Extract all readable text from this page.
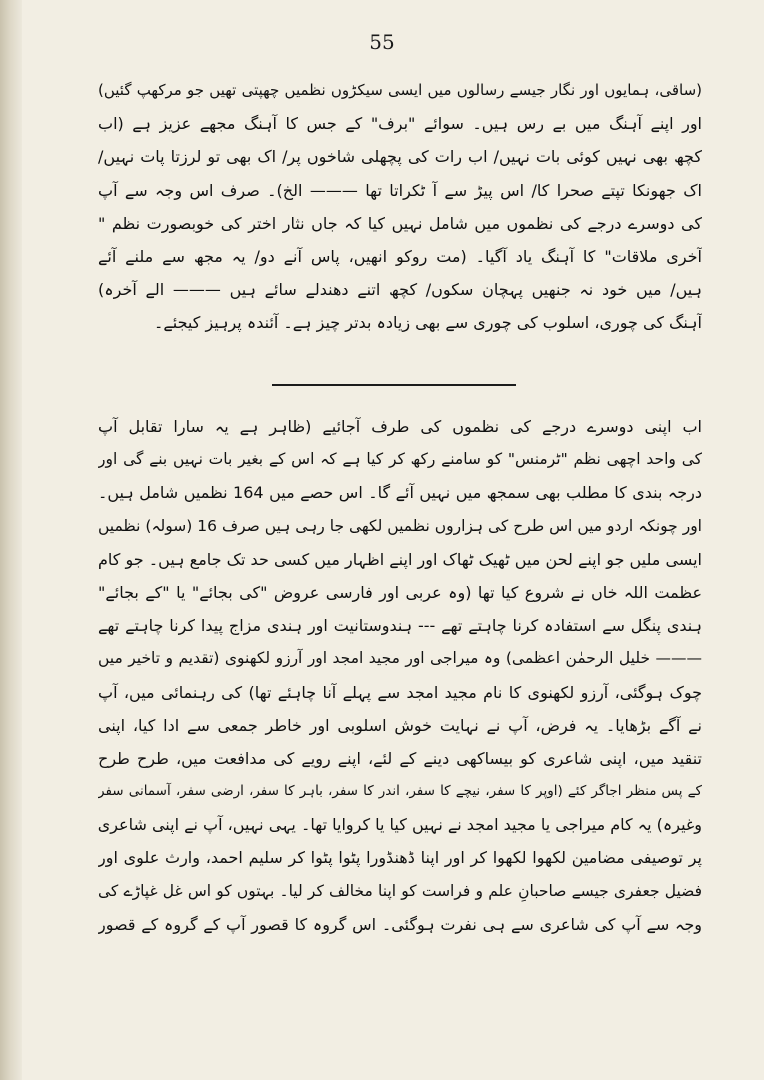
55
(ساقی، ہمایوں اور نگار جیسے رسالوں میں ایسی سیکڑوں نظمیں چھپتی تھیں جو مرکھپ گئیں)
اور اپنے آہنگ میں بے رس ہیں۔ سوائے "برف" کے جس کا آہنگ مجھے عزیز ہے (اب
کچھ بھی نہیں کوئی بات نہیں/ اب رات کی پچھلی شاخوں پر/ اک بھی تو لرزتا پات نہیں/
اک جھونکا تپتے صحرا کا/ اس پیڑ سے آ ٹکراتا تھا ——— الخ)۔ صرف اس وجہ سے آپ
کی دوسرے درجے کی نظموں میں شامل نہیں کیا کہ جاں نثار اختر کی خوبصورت نظم "
آخری ملاقات" کا آہنگ یاد آگیا۔ (مت روکو انھیں، پاس آنے دو/ یہ مجھ سے ملنے آئے
ہیں/ میں خود نہ جنھیں پہچان سکوں/ کچھ اتنے دھندلے سائے ہیں ——— الے آخرہ)
آہنگ کی چوری، اسلوب کی چوری سے بھی زیادہ بدتر چیز ہے۔ آئندہ پرہیز کیجئے۔
اب اپنی دوسرے درجے کی نظموں کی طرف آجائیے (ظاہر ہے یہ سارا تقابل آپ
کی واحد اچھی نظم "ٹرمنس" کو سامنے رکھ کر کیا ہے کہ اس کے بغیر بات نہیں بنے گی اور
درجہ بندی کا مطلب بھی سمجھ میں نہیں آئے گا۔ اس حصے میں 164 نظمیں شامل ہیں۔
اور چونکہ اردو میں اس طرح کی ہزاروں نظمیں لکھی جا رہی ہیں صرف 16 (سولہ) نظمیں
ایسی ملیں جو اپنے لحن میں ٹھیک ٹھاک اور اپنے اظہار میں کسی حد تک جامع ہیں۔ جو کام
عظمت اللہ خاں نے شروع کیا تھا (وہ عربی اور فارسی عروض "کی بجائے" یا "کے بجائے"
ہندی پنگل سے استفادہ کرنا چاہتے تھے --- ہندوستانیت اور ہندی مزاج پیدا کرنا چاہتے تھے
——— خلیل الرحمٰن اعظمی) وہ میراجی اور مجید امجد اور آرزو لکھنوی (تقدیم و تاخیر میں
چوک ہوگئی، آرزو لکھنوی کا نام مجید امجد سے پہلے آنا چاہئے تھا) کی رہنمائی میں، آپ
نے آگے بڑھایا۔ یہ فرض، آپ نے نہایت خوش اسلوبی اور خاطر جمعی سے ادا کیا، اپنی
تنقید میں، اپنی شاعری کو بیساکھی دینے کے لئے، اپنے رویے کی مدافعت میں، طرح طرح
کے پس منظر اجاگر کئے (اوپر کا سفر، نیچے کا سفر، اندر کا سفر، باہر کا سفر، ارضی سفر، آسمانی سفر
وغیرہ) یہ کام میراجی یا مجید امجد نے نہیں کیا یا کروایا تھا۔ یہی نہیں، آپ نے اپنی شاعری
پر توصیفی مضامین لکھوا لکھوا کر اور اپنا ڈھنڈورا پٹوا پٹوا کر سلیم احمد، وارث علوی اور
فضیل جعفری جیسے صاحبانِ علم و فراست کو اپنا مخالف کر لیا۔ بہتوں کو اس غل غپاڑے کی
وجہ سے آپ کی شاعری سے ہی نفرت ہوگئی۔ اس گروہ کا قصور آپ کے گروہ کے قصور
